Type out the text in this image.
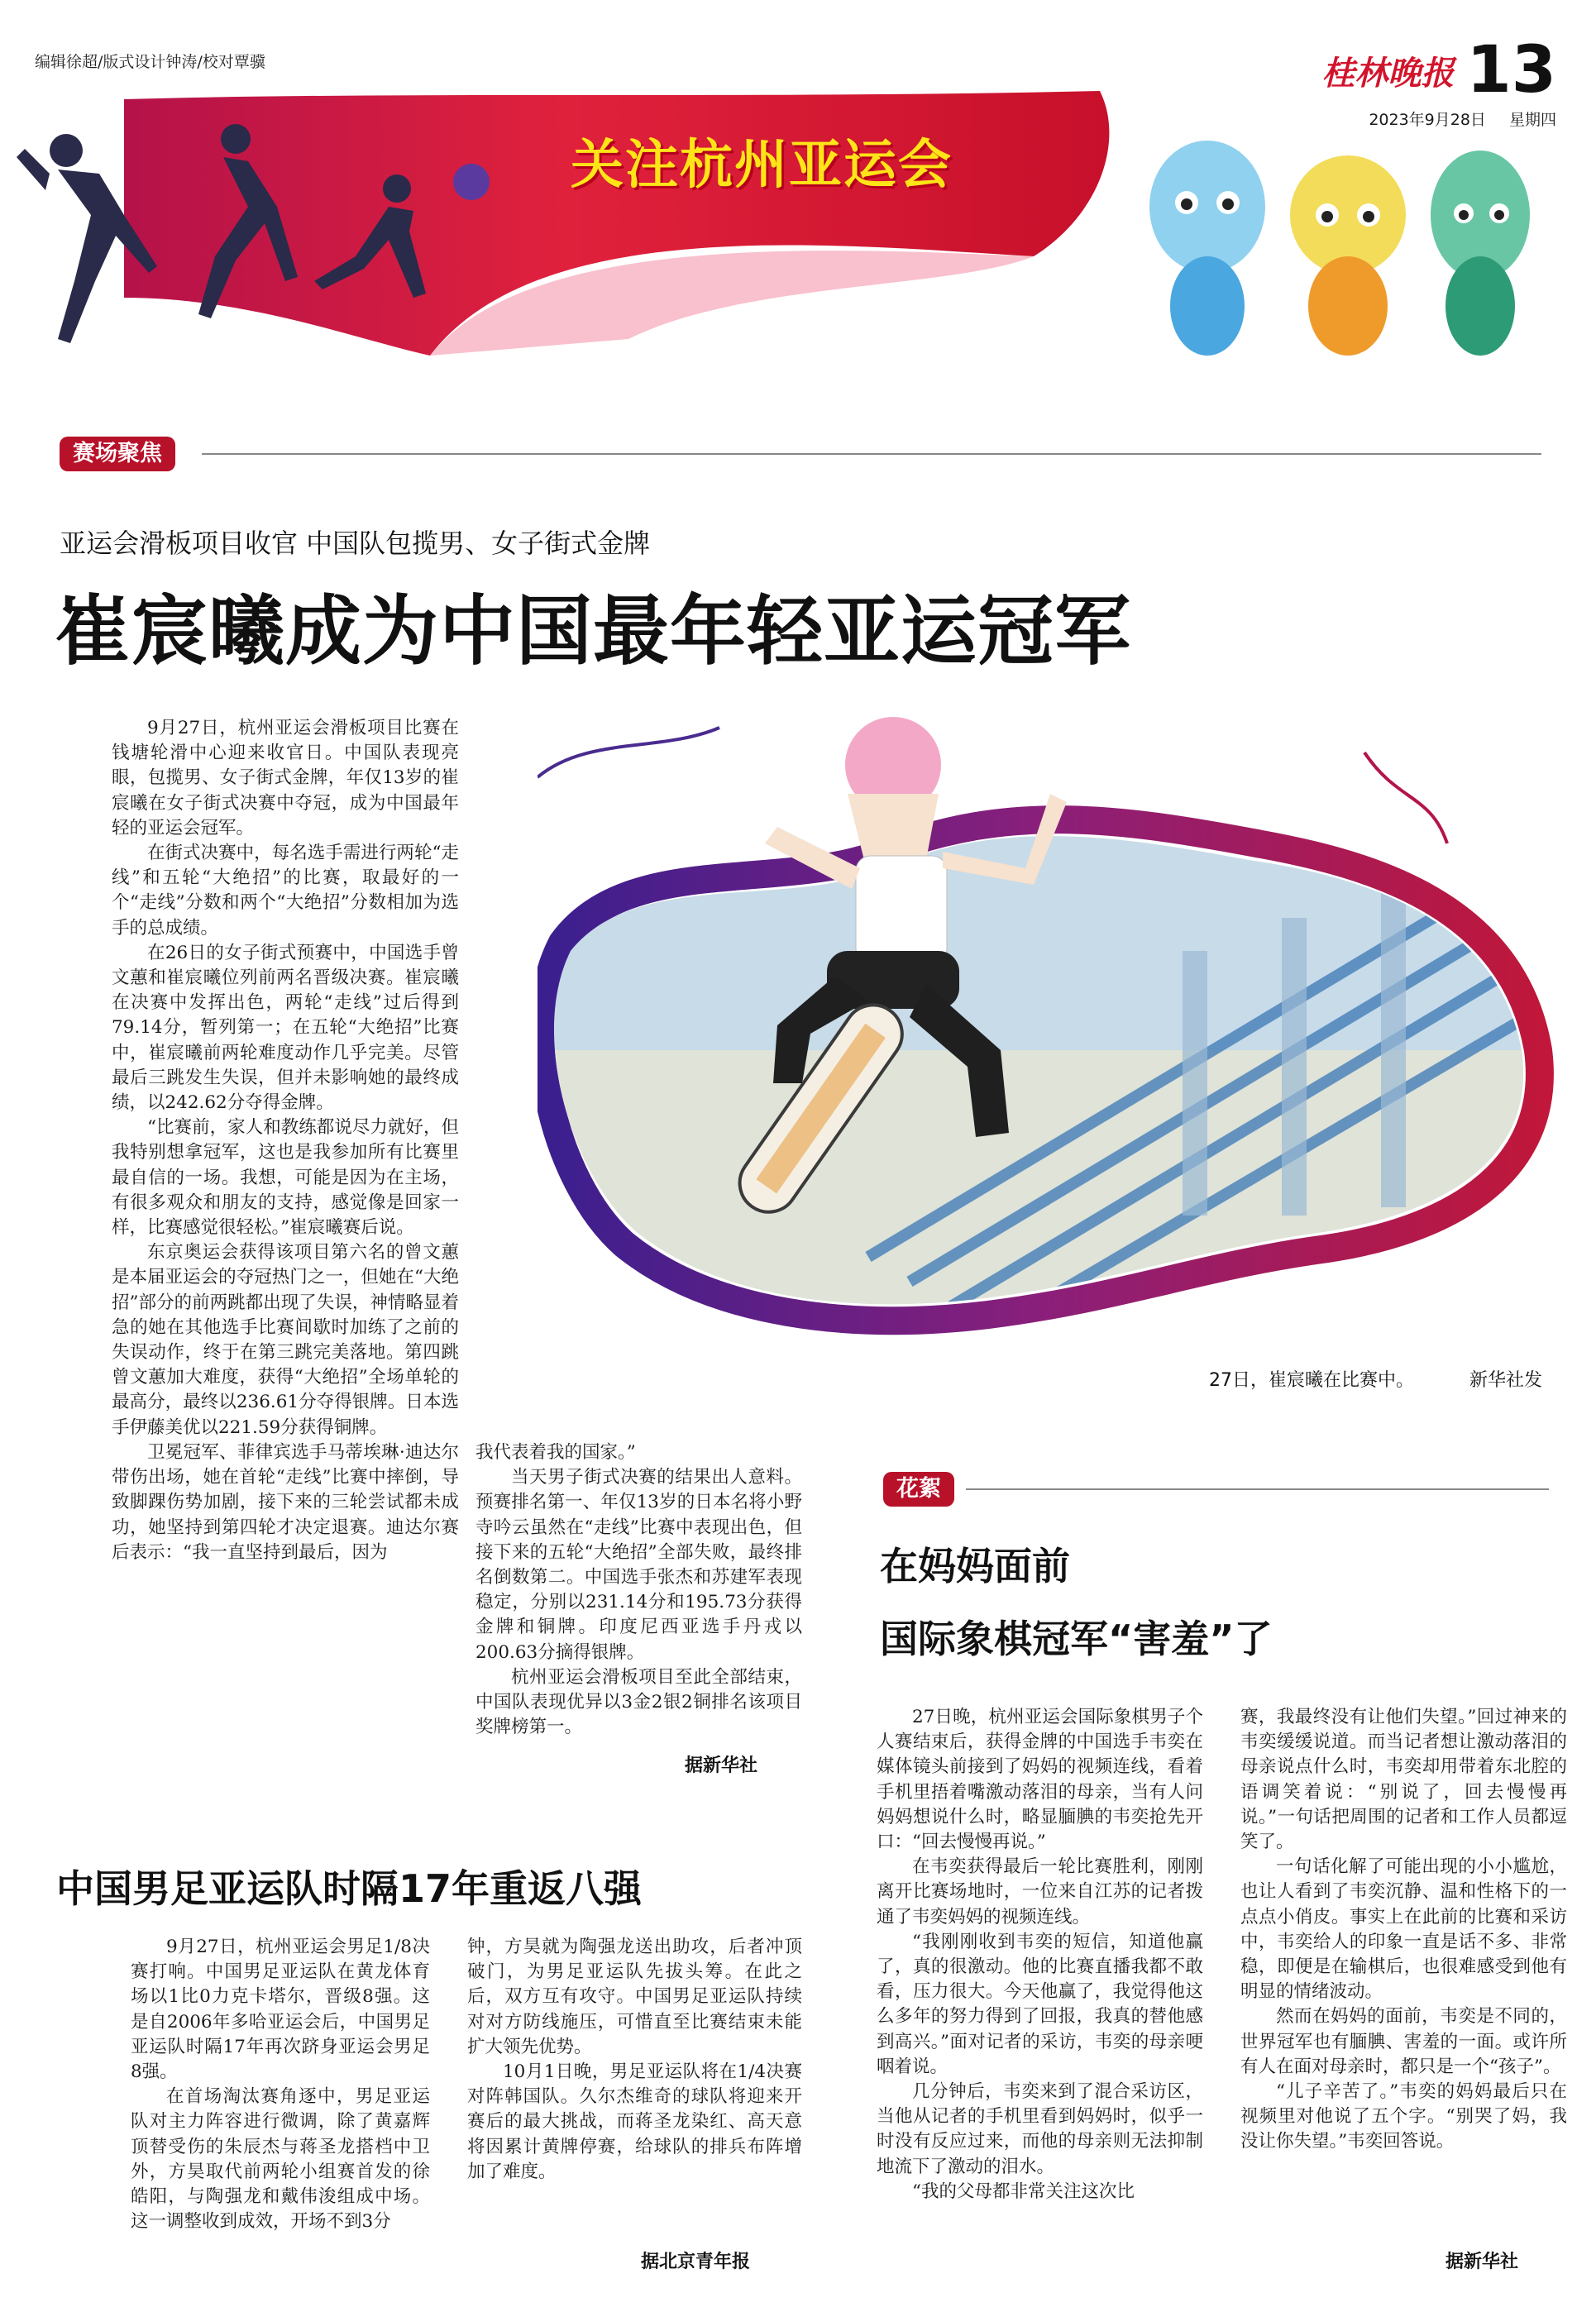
编辑徐超/版式设计钟涛/校对覃骥	桂林晚报 13
2023年9月28日 星期四
关注杭州亚运会
赛场聚焦
亚运会滑板项目收官 中国队包揽男、女子街式金牌
崔宸曦成为中国最年轻亚运冠军
27日，崔宸曦在比赛中。	新华社发

9月27日，杭州亚运会滑板项目比赛在钱塘轮滑中心迎来收官日。中国队表现亮眼，包揽男、女子街式金牌，年仅13岁的崔宸曦在女子街式决赛中夺冠，成为中国最年轻的亚运会冠军。

在街式决赛中，每名选手需进行两轮“走线”和五轮“大绝招”的比赛，取最好的一个“走线”分数和两个“大绝招”分数相加为选手的总成绩。

在26日的女子街式预赛中，中国选手曾文蕙和崔宸曦位列前两名晋级决赛。崔宸曦在决赛中发挥出色，两轮“走线”过后得到79.14分，暂列第一；在五轮“大绝招”比赛中，崔宸曦前两轮难度动作几乎完美。尽管最后三跳发生失误，但并未影响她的最终成绩，以242.62分夺得金牌。

“比赛前，家人和教练都说尽力就好，但我特别想拿冠军，这也是我参加所有比赛里最自信的一场。我想，可能是因为在主场，有很多观众和朋友的支持，感觉像是回家一样，比赛感觉很轻松。”崔宸曦赛后说。

东京奥运会获得该项目第六名的曾文蕙是本届亚运会的夺冠热门之一，但她在“大绝招”部分的前两跳都出现了失误，神情略显着急的她在其他选手比赛间歇时加练了之前的失误动作，终于在第三跳完美落地。第四跳曾文蕙加大难度，获得“大绝招”全场单轮的最高分，最终以236.61分夺得银牌。日本选手伊藤美优以221.59分获得铜牌。

卫冕冠军、菲律宾选手马蒂埃琳·迪达尔带伤出场，她在首轮“走线”比赛中摔倒，导致脚踝伤势加剧，接下来的三轮尝试都未成功，她坚持到第四轮才决定退赛。迪达尔赛后表示：“我一直坚持到最后，因为

我代表着我的国家。”

当天男子街式决赛的结果出人意料。预赛排名第一、年仅13岁的日本名将小野寺吟云虽然在“走线”比赛中表现出色，但接下来的五轮“大绝招”全部失败，最终排名倒数第二。中国选手张杰和苏建军表现稳定，分别以231.14分和195.73分获得金牌和铜牌。印度尼西亚选手丹戎以200.63分摘得银牌。

杭州亚运会滑板项目至此全部结束，中国队表现优异以3金2银2铜排名该项目奖牌榜第一。

据新华社
中国男足亚运队时隔17年重返八强

9月27日，杭州亚运会男足1/8决赛打响。中国男足亚运队在黄龙体育场以1比0力克卡塔尔，晋级8强。这是自2006年多哈亚运会后，中国男足亚运队时隔17年再次跻身亚运会男足8强。

在首场淘汰赛角逐中，男足亚运队对主力阵容进行微调，除了黄嘉辉顶替受伤的朱辰杰与蒋圣龙搭档中卫外，方昊取代前两轮小组赛首发的徐皓阳，与陶强龙和戴伟浚组成中场。这一调整收到成效，开场不到3分

钟，方昊就为陶强龙送出助攻，后者冲顶破门，为男足亚运队先拔头筹。在此之后，双方互有攻守。中国男足亚运队持续对对方防线施压，可惜直至比赛结束未能扩大领先优势。

10月1日晚，男足亚运队将在1/4决赛对阵韩国队。久尔杰维奇的球队将迎来开赛后的最大挑战，而蒋圣龙染红、高天意将因累计黄牌停赛，给球队的排兵布阵增加了难度。

据北京青年报
花絮
在妈妈面前
国际象棋冠军“害羞”了

27日晚，杭州亚运会国际象棋男子个人赛结束后，获得金牌的中国选手韦奕在媒体镜头前接到了妈妈的视频连线，看着手机里捂着嘴激动落泪的母亲，当有人问妈妈想说什么时，略显腼腆的韦奕抢先开口：“回去慢慢再说。”

在韦奕获得最后一轮比赛胜利，刚刚离开比赛场地时，一位来自江苏的记者拨通了韦奕妈妈的视频连线。

“我刚刚收到韦奕的短信，知道他赢了，真的很激动。他的比赛直播我都不敢看，压力很大。今天他赢了，我觉得他这么多年的努力得到了回报，我真的替他感到高兴。”面对记者的采访，韦奕的母亲哽咽着说。

几分钟后，韦奕来到了混合采访区，当他从记者的手机里看到妈妈时，似乎一时没有反应过来，而他的母亲则无法抑制地流下了激动的泪水。

“我的父母都非常关注这次比

赛，我最终没有让他们失望。”回过神来的韦奕缓缓说道。而当记者想让激动落泪的母亲说点什么时，韦奕却用带着东北腔的语调笑着说：“别说了，回去慢慢再说。”一句话把周围的记者和工作人员都逗笑了。

一句话化解了可能出现的小小尴尬，也让人看到了韦奕沉静、温和性格下的一点点小俏皮。事实上在此前的比赛和采访中，韦奕给人的印象一直是话不多、非常稳，即便是在输棋后，也很难感受到他有明显的情绪波动。

然而在妈妈的面前，韦奕是不同的，世界冠军也有腼腆、害羞的一面。或许所有人在面对母亲时，都只是一个“孩子”。

“儿子辛苦了。”韦奕的妈妈最后只在视频里对他说了五个字。“别哭了妈，我没让你失望。”韦奕回答说。

据新华社
